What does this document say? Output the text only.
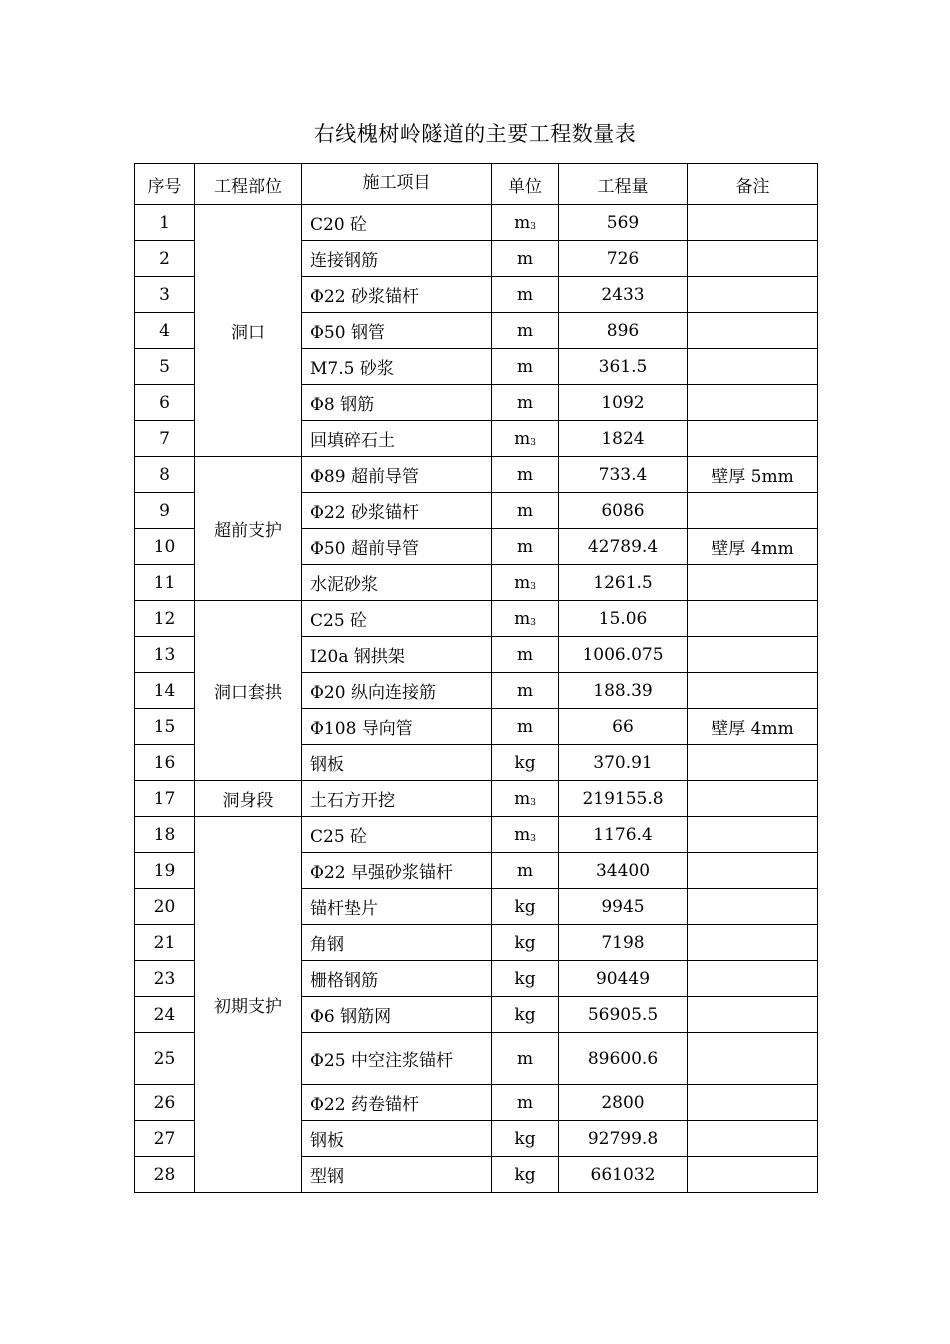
右线槐树岭隧道的主要工程数量表
序号	工程部位	施工项目	单位	工程量	备注
1	洞口	C20 砼	m3	569	
2		连接钢筋	m	726	
3		Φ22 砂浆锚杆	m	2433	
4		Φ50 钢管	m	896	
5		M7.5 砂浆	m	361.5	
6		Φ8 钢筋	m	1092	
7		回填碎石土	m3	1824	
8	超前支护	Φ89 超前导管	m	733.4	壁厚 5mm
9		Φ22 砂浆锚杆	m	6086	
10		Φ50 超前导管	m	42789.4	壁厚 4mm
11		水泥砂浆	m3	1261.5	
12	洞口套拱	C25 砼	m3	15.06	
13		I20a 钢拱架	m	1006.075	
14		Φ20 纵向连接筋	m	188.39	
15		Φ108 导向管	m	66	壁厚 4mm
16		钢板	kg	370.91	
17	洞身段	土石方开挖	m3	219155.8	
18	初期支护	C25 砼	m3	1176.4	
19		Φ22 早强砂浆锚杆	m	34400	
20		锚杆垫片	kg	9945	
21		角钢	kg	7198	
23		栅格钢筋	kg	90449	
24		Φ6 钢筋网	kg	56905.5	
25		Φ25 中空注浆锚杆	m	89600.6	
26		Φ22 药卷锚杆	m	2800	
27		钢板	kg	92799.8	
28		型钢	kg	661032	
